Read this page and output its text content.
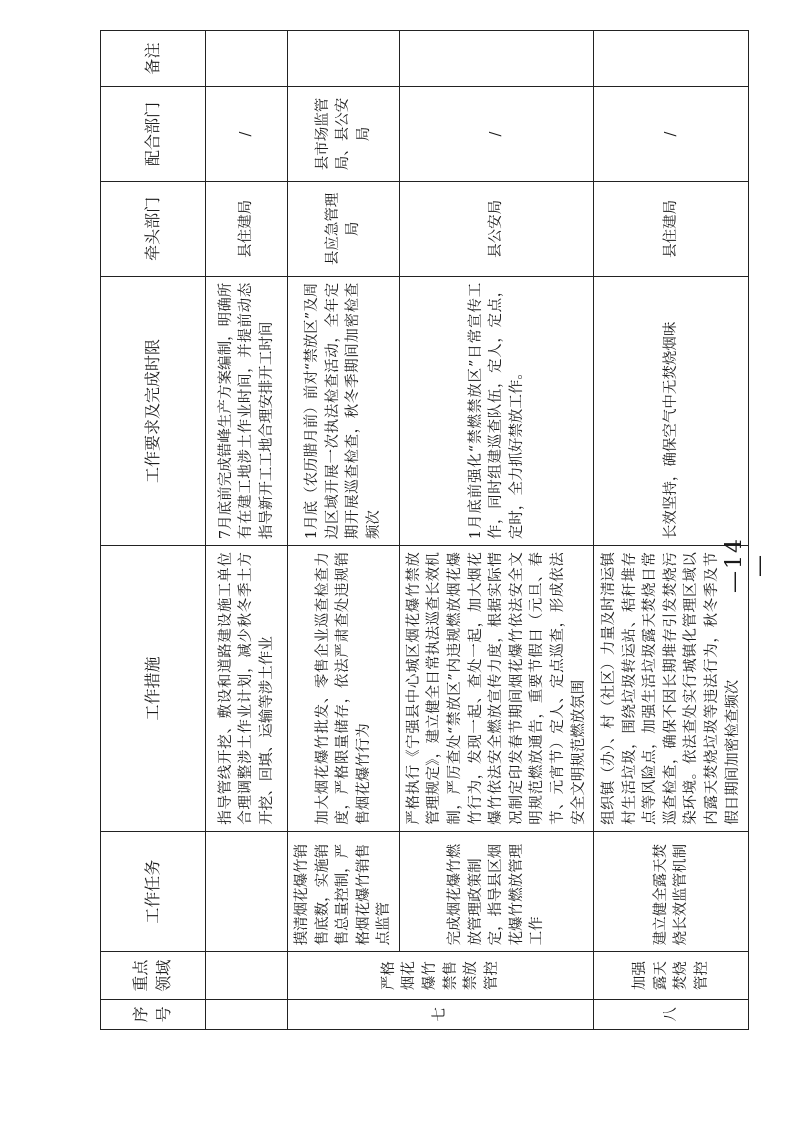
序号	重点领域	工作任务	工作措施	工作要求及完成时限	牵头部门	配合部门	备注
			指导管线开挖、敷设和道路建设施工单位合理调整涉土作业计划，减少秋冬季土方开挖、回填、运输等涉土作业	7月底前完成错峰生产方案编制，明确所有在建工地涉土作业时间，并提前动态指导新开工工地合理安排开工时间	县住建局	/	
七	严格烟花爆竹禁售禁放管控	摸清烟花爆竹销售底数，实施销售总量控制，严格烟花爆竹销售点监管	加大烟花爆竹批发、零售企业巡查检查力度，严格限量储存，依法严肃查处违规销售烟花爆竹行为	1月底（农历腊月前）前对“禁放区”及周边区域开展一次执法检查活动，全年定期开展巡查检查，秋冬季期间加密检查频次	县应急管理局	县市场监管局、县公安局	
		完成烟花爆竹燃放管理政策制定，指导县区烟花爆竹燃放管理工作	严格执行《宁强县中心城区烟花爆竹禁放管理规定》，建立健全日常执法巡查长效机制，严厉查处“禁放区”内违规燃放烟花爆竹行为，发现一起、查处一起，加大烟花爆竹依法安全燃放宣传力度，根据实际情况制定印发春节期间烟花爆竹依法安全文明规范燃放通告，重要节假日（元旦、春节、元宵节）定人、定点巡查，形成依法安全文明规范燃放氛围	1月底前强化“禁燃禁放区”日常宣传工作，同时组建巡查队伍，定人，定点，定时，全力抓好禁放工作。	县公安局	/	
八	加强露天焚烧管控	建立健全露天焚烧长效监管机制	组织镇（办）、村（社区）力量及时清运镇村生活垃圾，围绕垃圾转运站、秸秆堆存点等风险点，加强生活垃圾露天焚烧日常巡查检查，确保不因长期堆存引发焚烧污染环境。依法查处实行城镇化管理区域以内露天焚烧垃圾等违法行为，秋冬季及节假日期间加密检查频次	长效坚持，确保空气中无焚烧烟味	县住建局	/	
—14—
